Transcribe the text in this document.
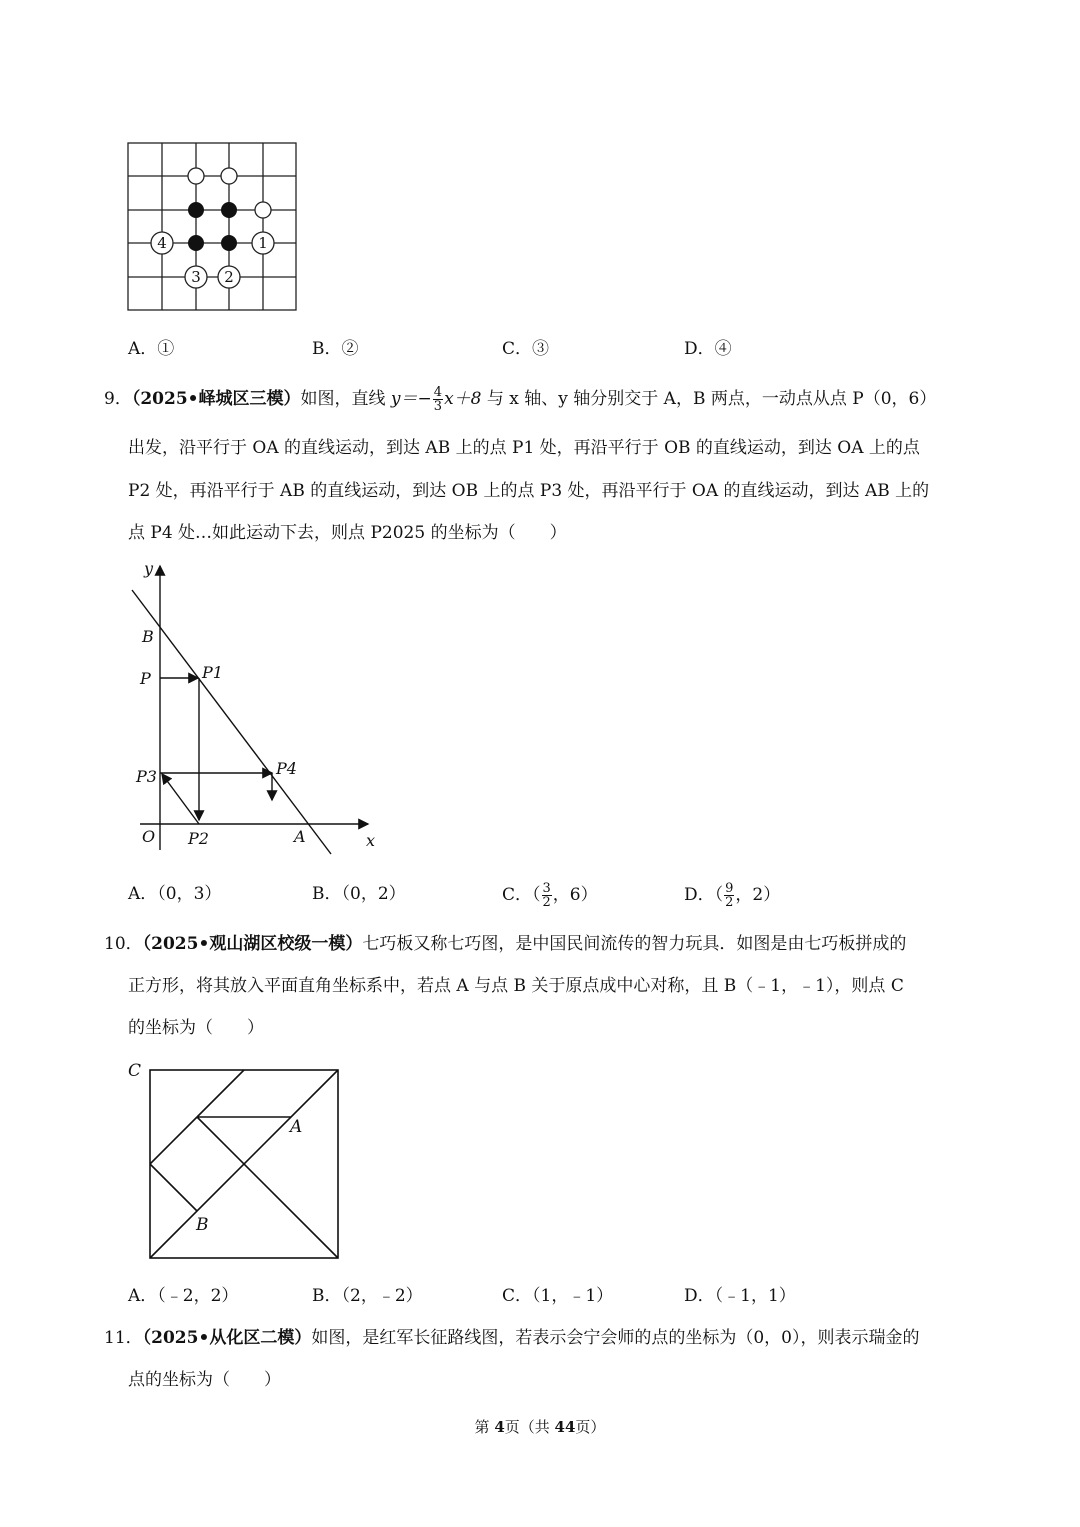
1
2
3
4
A．①	B．②	C．③	D．④
9．（2025•峄城区三模）如图，直线 $y=- \frac{4}{3} x+8$ 与 x 轴、y 轴分别交于 A，B 两点，一动点从点 P（0，6）
出发，沿平行于 OA 的直线运动，到达 AB 上的点 P1 处，再沿平行于 OB 的直线运动，到达 OA 上的点
P2 处，再沿平行于 AB 的直线运动，到达 OB 上的点 P3 处，再沿平行于 OA 的直线运动，到达 AB 上的
点 P4 处…如此运动下去，则点 P2025 的坐标为（　　）
y
B
P	P1
P3	P4
O P2	A	x
A．（0，3）	B．（0，2）	C．（ $\frac{3}{2}$ ，6）	D．（ $\frac{9}{2}$ ，2）
10．（2025•观山湖区校级一模）七巧板又称七巧图，是中国民间流传的智力玩具．如图是由七巧板拼成的
正方形，将其放入平面直角坐标系中，若点 A 与点 B 关于原点成中心对称，且 B（﹣1，﹣1），则点 C
的坐标为（　　）
C
A
B
A．（﹣2，2）	B．（2，﹣2）	C．（1，﹣1）	D．（﹣1，1）
11．（2025•从化区二模）如图，是红军长征路线图，若表示会宁会师的点的坐标为（0，0），则表示瑞金的
点的坐标为（　　）
第 4页（共 44页）
